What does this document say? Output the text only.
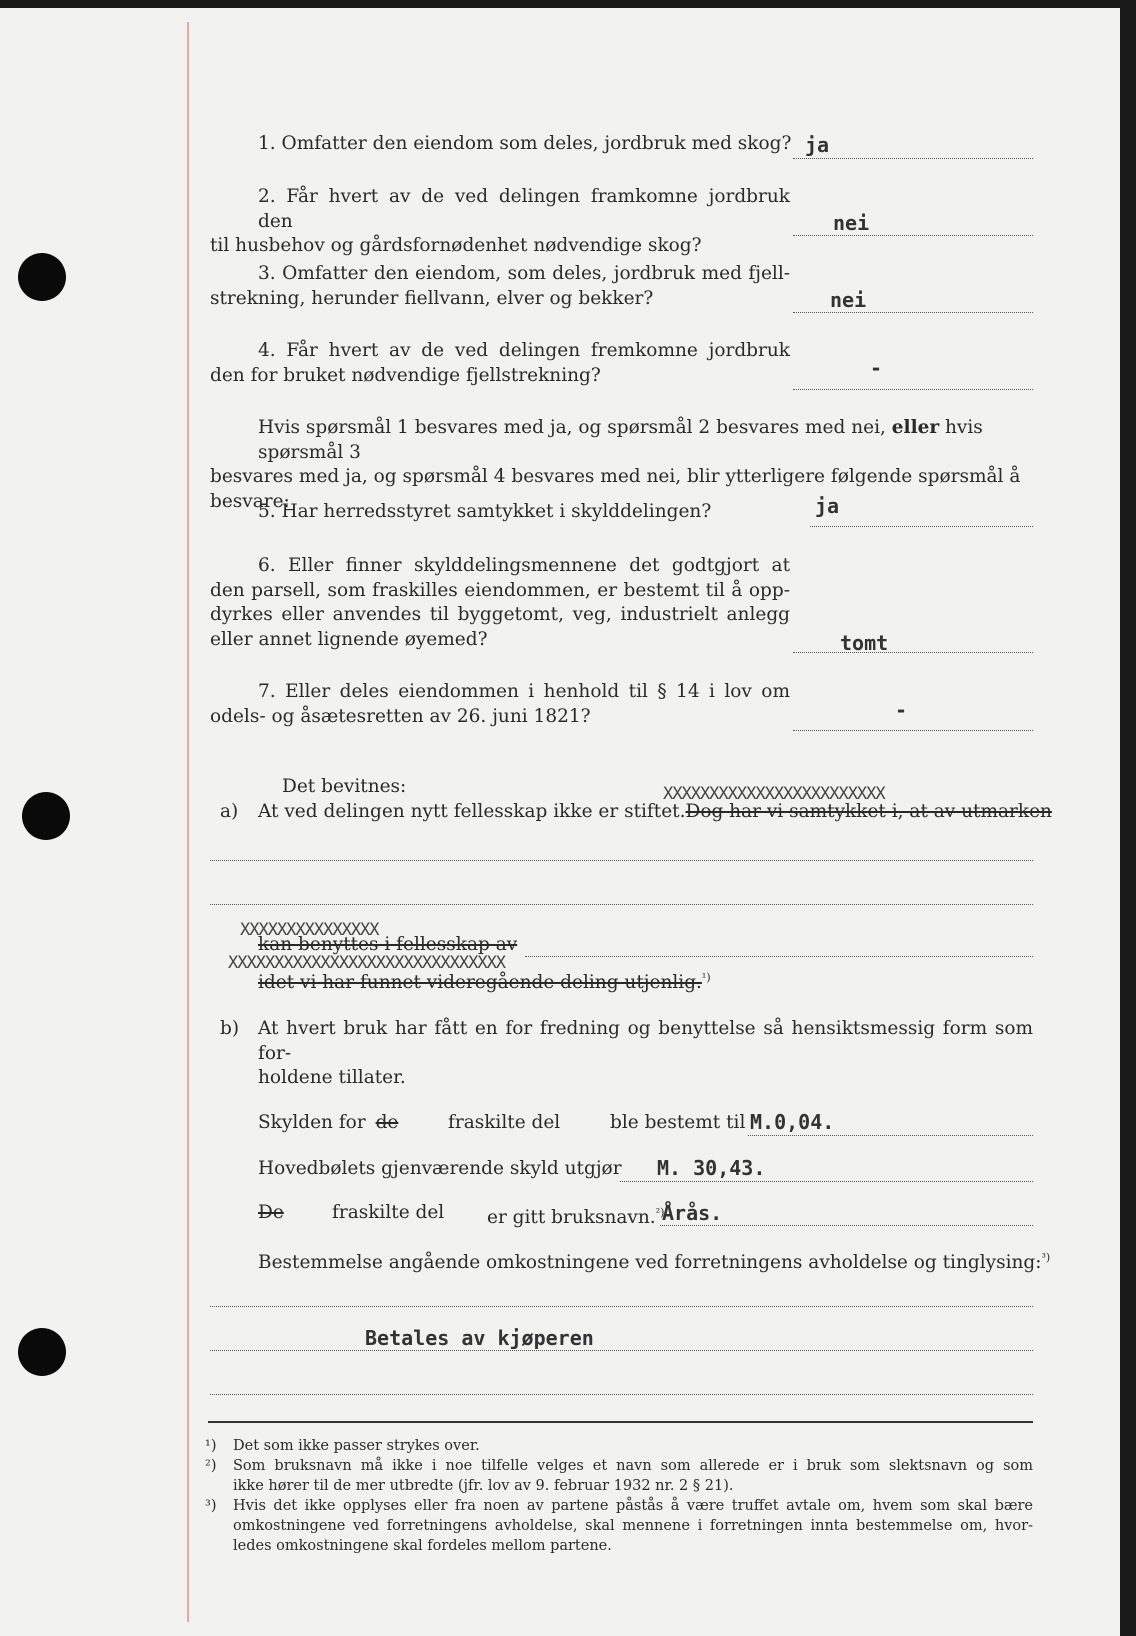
1. Omfatter den eiendom som deles, jordbruk med skog? ja
2. Får hvert av de ved delingen framkomne jordbruk den
til husbehov og gårdsfornødenhet nødvendige skog?
nei
3. Omfatter den eiendom, som deles, jordbruk med fjell-
strekning, herunder fiellvann, elver og bekker?	nei
4. Får hvert av de ved delingen fremkomne jordbruk
den for bruket nødvendige fjellstrekning?	-
Hvis spørsmål 1 besvares med ja, og spørsmål 2 besvares med nei, eller hvis spørsmål 3
besvares med ja, og spørsmål 4 besvares med nei, blir ytterligere følgende spørsmål å besvare:
5. Har herredsstyret samtykket i skylddelingen?	ja
6. Eller finner skylddelingsmennene det godtgjort at
den parsell, som fraskilles eiendommen, er bestemt til å opp-
dyrkes eller anvendes til byggetomt, veg, industrielt anlegg
eller annet lignende øyemed?	tomt
7. Eller deles eiendommen i henhold til § 14 i lov om
odels- og åsætesretten av 26. juni 1821?	-
Det bevitnes:
a) At ved delingen nytt fellesskap ikke er stiftet.Dog har vi samtykket i, at av utmarken
XXXXXXXXXXXXXXXXXXXXXXXX
XXXXXXXXXXXXXXX
kan benyttes i fellesskap av
XXXXXXXXXXXXXXXXXXXXXXXXXXXXXX
idet vi har funnet videregående deling utjenlig.$^{^1)}$
b) At hvert bruk har fått en for fredning og benyttelse så hensiktsmessig form som for-
holdene tillater.
Skylden for de	fraskilte del	ble bestemt til M.0,04.
Hovedbølets gjenværende skyld utgjør M. 30,43.
De	fraskilte del er gitt bruksnavn.$^{^2)}$
Årås.
Bestemmelse angående omkostningene ved forretningens avholdelse og tinglysing:$^{^3)}$
Betales av kjøperen
¹)	Det som ikke passer strykes over.
²)	Som bruksnavn må ikke i noe tilfelle velges et navn som allerede er i bruk som slektsnavn og som
ikke hører til de mer utbredte (jfr. lov av 9. februar 1932 nr. 2 § 21).
³)	Hvis det ikke opplyses eller fra noen av partene påstås å være truffet avtale om, hvem som skal bære
omkostningene ved forretningens avholdelse, skal mennene i forretningen innta bestemmelse om, hvor-
ledes omkostningene skal fordeles mellom partene.
